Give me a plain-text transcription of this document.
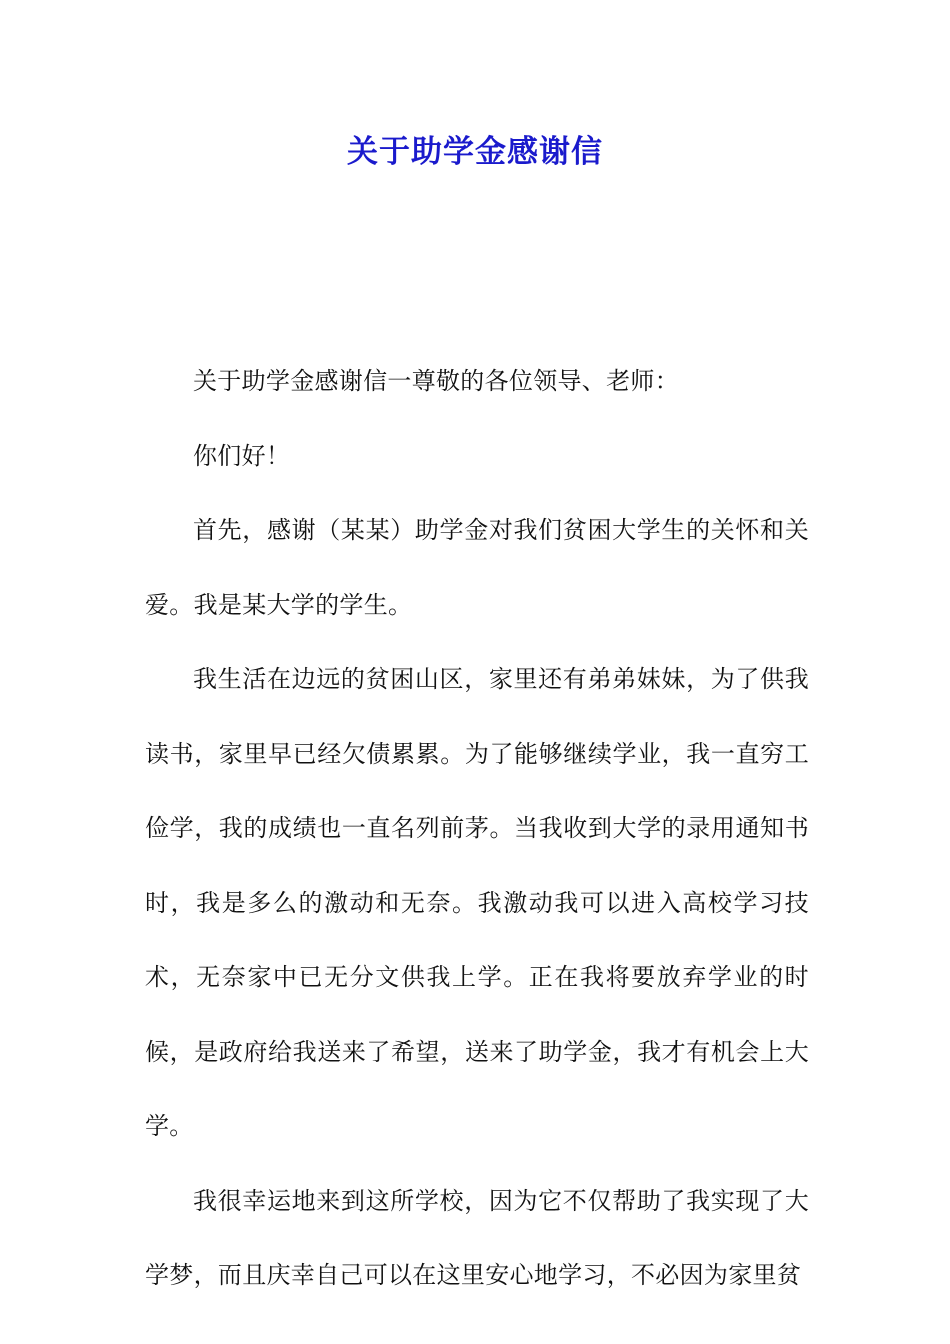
关于助学金感谢信

关于助学金感谢信一尊敬的各位领导、老师：

你们好！

首先，感谢（某某）助学金对我们贫困大学生的关怀和关爱。我是某大学的学生。

我生活在边远的贫困山区，家里还有弟弟妹妹，为了供我读书，家里早已经欠债累累。为了能够继续学业，我一直穷工俭学，我的成绩也一直名列前茅。当我收到大学的录用通知书时，我是多么的激动和无奈。我激动我可以进入高校学习技术，无奈家中已无分文供我上学。正在我将要放弃学业的时候，是政府给我送来了希望，送来了助学金，我才有机会上大学。

我很幸运地来到这所学校，因为它不仅帮助了我实现了大学梦，而且庆幸自己可以在这里安心地学习，不必因为家里贫
